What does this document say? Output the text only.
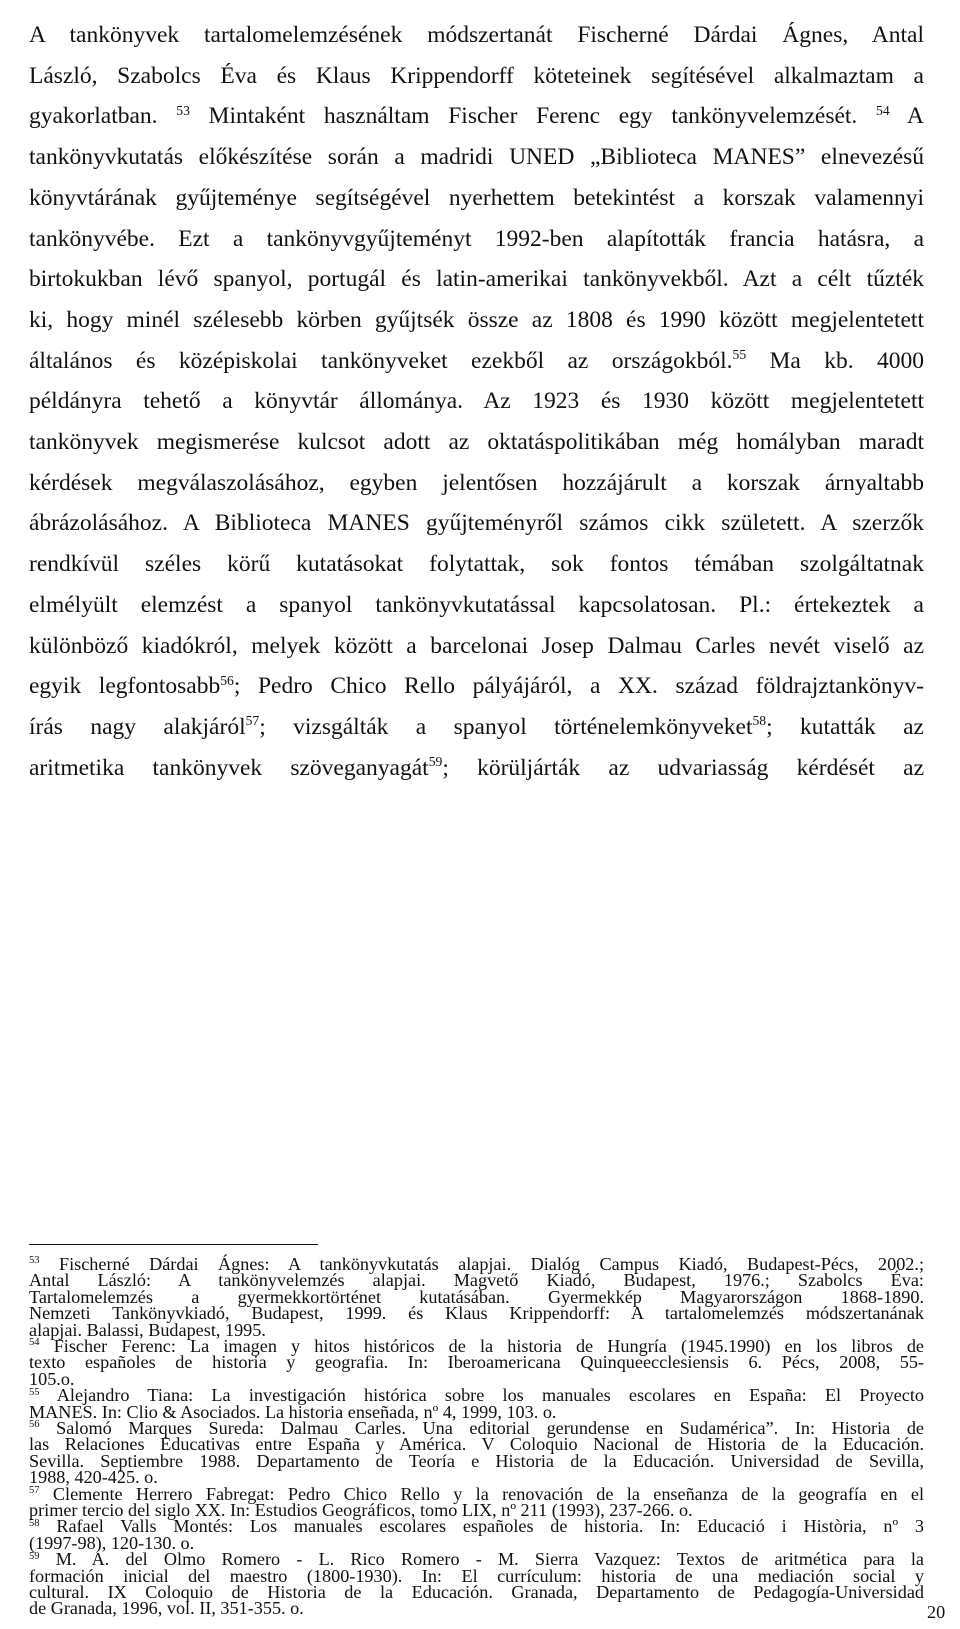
A tankönyvek tartalomelemzésének módszertanát Fischerné Dárdai Ágnes, Antal
László, Szabolcs Éva és Klaus Krippendorff köteteinek segítésével alkalmaztam a
gyakorlatban. $^{53}$ Mintaként használtam Fischer Ferenc egy tankönyvelemzését. $^{54}$ A
tankönyvkutatás előkészítése során a madridi UNED „Biblioteca MANES” elnevezésű
könyvtárának gyűjteménye segítségével nyerhettem betekintést a korszak valamennyi
tankönyvébe. Ezt a tankönyvgyűjteményt 1992-ben alapították francia hatásra, a
birtokukban lévő spanyol, portugál és latin-amerikai tankönyvekből. Azt a célt tűzték
ki, hogy minél szélesebb körben gyűjtsék össze az 1808 és 1990 között megjelentetett
általános és középiskolai tankönyveket ezekből az országokból.$^{55}$ Ma kb. 4000
példányra tehető a könyvtár állománya. Az 1923 és 1930 között megjelentetett
tankönyvek megismerése kulcsot adott az oktatáspolitikában még homályban maradt
kérdések megválaszolásához, egyben jelentősen hozzájárult a korszak árnyaltabb
ábrázolásához. A Biblioteca MANES gyűjteményről számos cikk született. A szerzők
rendkívül széles körű kutatásokat folytattak, sok fontos témában szolgáltatnak
elmélyült elemzést a spanyol tankönyvkutatással kapcsolatosan. Pl.: értekeztek a
különböző kiadókról, melyek között a barcelonai Josep Dalmau Carles nevét viselő az
egyik legfontosabb$^{56}$; Pedro Chico Rello pályájáról, a XX. század földrajztankönyv-
írás nagy alakjáról$^{57}$; vizsgálták a spanyol történelemkönyveket$^{58}$; kutatták az
aritmetika tankönyvek szöveganyagát$^{59}$; körüljárták az udvariasság kérdését az
$^{53}$ Fischerné Dárdai Ágnes: A tankönyvkutatás alapjai. Dialóg Campus Kiadó, Budapest-Pécs, 2002.;
Antal László: A tankönyvelemzés alapjai. Magvető Kiadó, Budapest, 1976.; Szabolcs Éva:
Tartalomelemzés a gyermekkortörténet kutatásában. Gyermekkép Magyarországon 1868-1890.
Nemzeti Tankönyvkiadó, Budapest, 1999. és Klaus Krippendorff: A tartalomelemzés módszertanának
alapjai. Balassi, Budapest, 1995.
$^{54}$ Fischer Ferenc: La imagen y hitos históricos de la historia de Hungría (1945.1990) en los libros de
texto españoles de historia y geografia. In: Iberoamericana Quinqueecclesiensis 6. Pécs, 2008, 55-
105.o.
$^{55}$ Alejandro Tiana: La investigación histórica sobre los manuales escolares en España: El Proyecto
MANES. In: Clio & Asociados. La historia enseñada, nº 4, 1999, 103. o.
$^{56}$ Salomó Marques Sureda: Dalmau Carles. Una editorial gerundense en Sudamérica”. In: Historia de
las Relaciones Educativas entre España y América. V Coloquio Nacional de Historia de la Educación.
Sevilla. Septiembre 1988. Departamento de Teoría e Historia de la Educación. Universidad de Sevilla,
1988, 420-425. o.
$^{57}$ Clemente Herrero Fabregat: Pedro Chico Rello y la renovación de la enseñanza de la geografía en el
primer tercio del siglo XX. In: Estudios Geográficos, tomo LIX, nº 211 (1993), 237-266. o.
$^{58}$ Rafael Valls Montés: Los manuales escolares españoles de historia. In: Educació i Història, nº 3
(1997-98), 120-130. o.
$^{59}$ M. A. del Olmo Romero - L. Rico Romero - M. Sierra Vazquez: Textos de aritmética para la
formación inicial del maestro (1800-1930). In: El currículum: historia de una mediación social y
cultural. IX Coloquio de Historia de la Educación. Granada, Departamento de Pedagogía-Universidad
de Granada, 1996, vol. II, 351-355. o.	20
